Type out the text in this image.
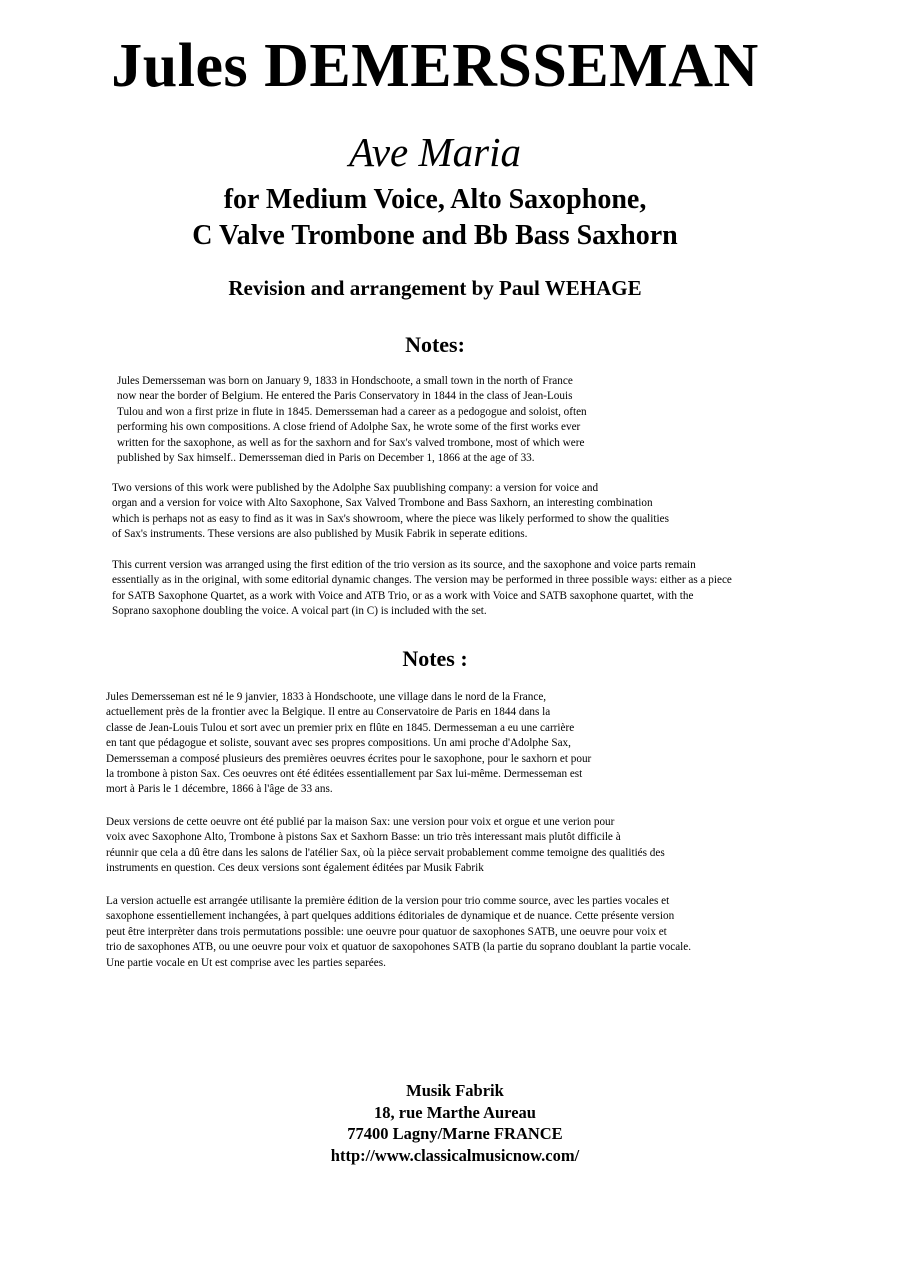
Jules DEMERSSEMAN
Ave Maria
for Medium Voice, Alto Saxophone,
C Valve Trombone and Bb Bass Saxhorn
Revision and arrangement by Paul WEHAGE
Notes:
Jules Demersseman was born on January 9, 1833 in Hondschoote, a small town in the north of France
now near the border of Belgium. He entered the Paris Conservatory in 1844 in the class of Jean-Louis
Tulou and won a first prize in flute in 1845. Demersseman had a career as a pedogogue and soloist, often
performing his own compositions. A close friend of Adolphe Sax, he wrote some of the first works ever
written for the saxophone, as well as for the saxhorn and for Sax's valved trombone, most of which were
published by Sax himself.. Demersseman died in Paris on December 1, 1866 at the age of 33.
Two versions of this work were published by the Adolphe Sax puublishing company: a version for voice and
organ and a version for voice with Alto Saxophone, Sax Valved Trombone and Bass Saxhorn, an interesting combination
which is perhaps not as easy to find as it was in Sax's showroom, where the piece was likely performed to show the qualities
of Sax's instruments. These versions are also published by Musik Fabrik in seperate editions.
This current version was arranged using the first edition of the trio version as its source, and the saxophone and voice parts remain
essentially as in the original, with some editorial dynamic changes. The version may be performed in three possible ways: either as a piece
for SATB Saxophone Quartet, as a work with Voice and ATB Trio, or as a work with Voice and SATB saxophone quartet, with the
Soprano saxophone doubling the voice. A voical part (in C) is included with the set.
Notes :
Jules Demersseman est né le 9 janvier, 1833 à Hondschoote, une village dans le nord de la France,
actuellement près de la frontier avec la Belgique. Il entre au Conservatoire de Paris en 1844 dans la
classe de Jean-Louis Tulou et sort avec un premier prix en flûte en 1845. Dermesseman a eu une carrière
en tant que pédagogue et soliste, souvant avec ses propres compositions. Un ami proche d'Adolphe Sax,
Demersseman a composé plusieurs des premières oeuvres écrites pour le saxophone, pour le saxhorn et pour
la trombone à piston Sax. Ces oeuvres ont été éditées essentiallement par Sax lui-même. Dermesseman est
mort à Paris le 1 décembre, 1866 à l'âge de 33 ans.
Deux versions de cette oeuvre ont été publié par la maison Sax: une version pour voix et orgue et une verion pour
voix avec Saxophone Alto, Trombone à pistons Sax et Saxhorn Basse: un trio très interessant mais plutôt difficile à
réunnir que cela a dû être dans les salons de l'atélier Sax, où la pièce servait probablement comme temoigne des qualitiés des
instruments en question. Ces deux versions sont également éditées par Musik Fabrik
La version actuelle est arrangée utilisante la première édition de la version pour trio comme source, avec les parties vocales et
saxophone essentiellement inchangées, à part quelques additions éditoriales de dynamique et de nuance. Cette présente version
peut être interprèter dans trois permutations possible: une oeuvre pour quatuor de saxophones SATB, une oeuvre pour voix et
trio de saxophones ATB, ou une oeuvre pour voix et quatuor de saxopohones SATB (la partie du soprano doublant la partie vocale.
Une partie vocale en Ut est comprise avec les parties separées.
Musik Fabrik
18, rue Marthe Aureau
77400 Lagny/Marne FRANCE
http://www.classicalmusicnow.com/
